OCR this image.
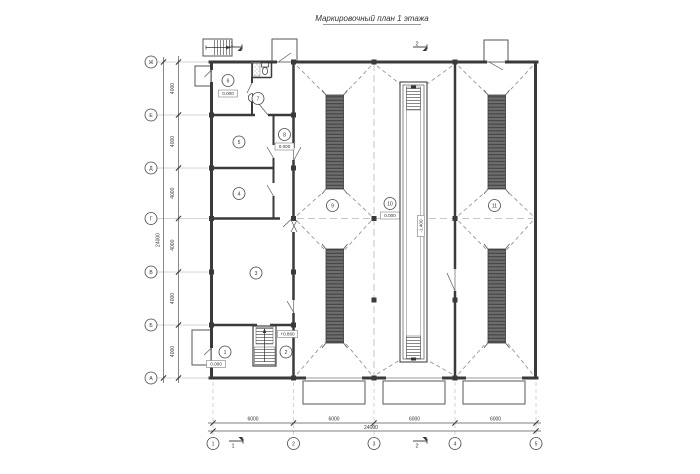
4000
4000
4000
4000
4000
4000
24000
6000	6000	6000	6000
24000
Ж
Е
Д
Г
В
Б
А
1	2	3	4	5
-1.400
1	2
3
4
5
6
7
8
9	10	11
0.000
+0.860
0.000
0.000
0.000
1	2
1	2
Маркировочный план 1 этажа
